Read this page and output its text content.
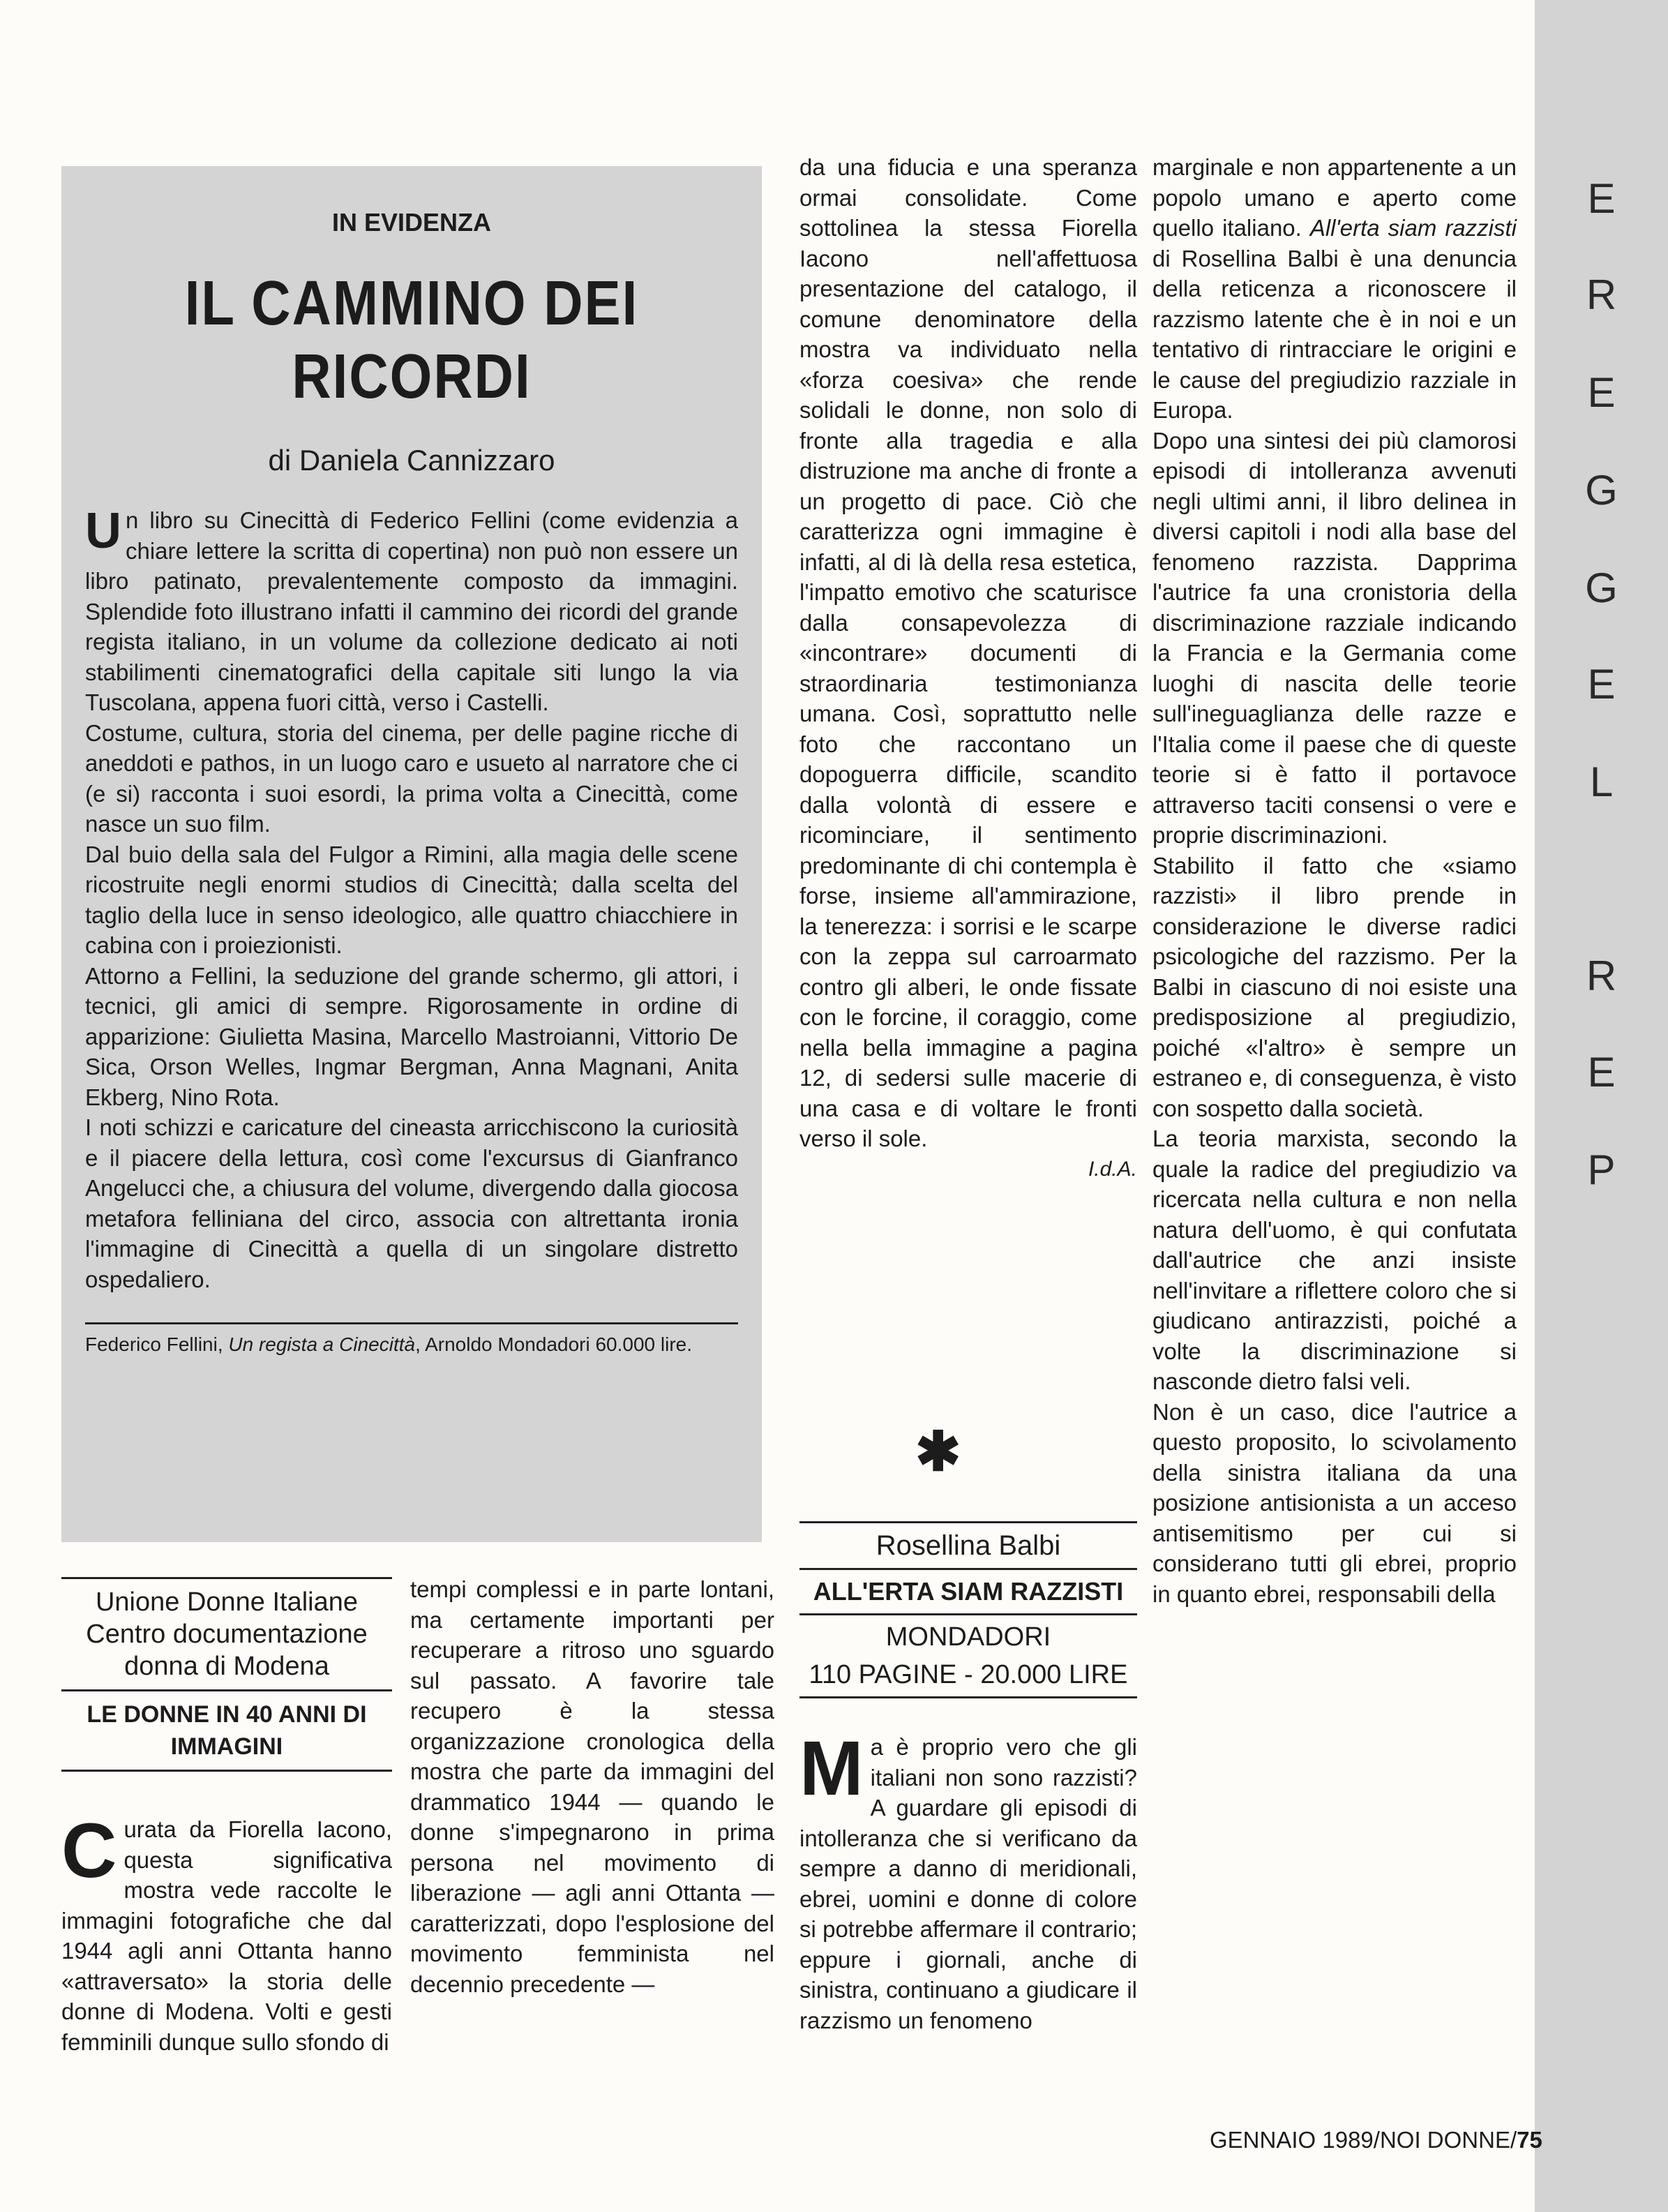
E
R
E
G
G
E
L
R
E
P

IN EVIDENZA

IL CAMMINO DEI RICORDI

di Daniela Cannizzaro

Un libro su Cinecittà di Federico Fellini (come evidenzia a chiare lettere la scritta di copertina) non può non essere un libro patinato, prevalentemente composto da immagini. Splendide foto illustrano infatti il cammino dei ricordi del grande regista italiano, in un volume da collezione dedicato ai noti stabilimenti cinematografici della capitale siti lungo la via Tuscolana, appena fuori città, verso i Castelli.

Costume, cultura, storia del cinema, per delle pagine ricche di aneddoti e pathos, in un luogo caro e usueto al narratore che ci (e si) racconta i suoi esordi, la prima volta a Cinecittà, come nasce un suo film.

Dal buio della sala del Fulgor a Rimini, alla magia delle scene ricostruite negli enormi studios di Cinecittà; dalla scelta del taglio della luce in senso ideologico, alle quattro chiacchiere in cabina con i proiezionisti.

Attorno a Fellini, la seduzione del grande schermo, gli attori, i tecnici, gli amici di sempre. Rigorosamente in ordine di apparizione: Giulietta Masina, Marcello Mastroianni, Vittorio De Sica, Orson Welles, Ingmar Bergman, Anna Magnani, Anita Ekberg, Nino Rota.

I noti schizzi e caricature del cineasta arricchiscono la curiosità e il piacere della lettura, così come l'excursus di Gianfranco Angelucci che, a chiusura del volume, divergendo dalla giocosa metafora felliniana del circo, associa con altrettanta ironia l'immagine di Cinecittà a quella di un singolare distretto ospedaliero.

Federico Fellini, Un regista a Cinecittà, Arnoldo Mondadori 60.000 lire.
Unione Donne Italiane Centro documentazione donna di Modena
LE DONNE IN 40 ANNI DI IMMAGINI

Curata da Fiorella Iacono, questa significativa mostra vede raccolte le immagini fotografiche che dal 1944 agli anni Ottanta hanno «attraversato» la storia delle donne di Modena. Volti e gesti femminili dunque sullo sfondo di

tempi complessi e in parte lontani, ma certamente importanti per recuperare a ritroso uno sguardo sul passato. A favorire tale recupero è la stessa organizzazione cronologica della mostra che parte da immagini del drammatico 1944 — quando le donne s'impegnarono in prima persona nel movimento di liberazione — agli anni Ottanta — caratterizzati, dopo l'esplosione del movimento femminista nel decennio precedente —

da una fiducia e una speranza ormai consolidate. Come sottolinea la stessa Fiorella Iacono nell'affettuosa presentazione del catalogo, il comune denominatore della mostra va individuato nella «forza coesiva» che rende solidali le donne, non solo di fronte alla tragedia e alla distruzione ma anche di fronte a un progetto di pace. Ciò che caratterizza ogni immagine è infatti, al di là della resa estetica, l'impatto emotivo che scaturisce dalla consapevolezza di «incontrare» documenti di straordinaria testimonianza umana. Così, soprattutto nelle foto che raccontano un dopoguerra difficile, scandito dalla volontà di essere e ricominciare, il sentimento predominante di chi contempla è forse, insieme all'ammirazione, la tenerezza: i sorrisi e le scarpe con la zeppa sul carroarmato contro gli alberi, le onde fissate con le forcine, il coraggio, come nella bella immagine a pagina 12, di sedersi sulle macerie di una casa e di voltare le fronti verso il sole.

I.d.A.
✱
Rosellina Balbi
ALL'ERTA SIAM RAZZISTI
MONDADORI
110 PAGINE - 20.000 LIRE

Ma è proprio vero che gli italiani non sono razzisti? A guardare gli episodi di intolleranza che si verificano da sempre a danno di meridionali, ebrei, uomini e donne di colore si potrebbe affermare il contrario; eppure i giornali, anche di sinistra, continuano a giudicare il razzismo un fenomeno

marginale e non appartenente a un popolo umano e aperto come quello italiano. All'erta siam razzisti di Rosellina Balbi è una denuncia della reticenza a riconoscere il razzismo latente che è in noi e un tentativo di rintracciare le origini e le cause del pregiudizio razziale in Europa.

Dopo una sintesi dei più clamorosi episodi di intolleranza avvenuti negli ultimi anni, il libro delinea in diversi capitoli i nodi alla base del fenomeno razzista. Dapprima l'autrice fa una cronistoria della discriminazione razziale indicando la Francia e la Germania come luoghi di nascita delle teorie sull'ineguaglianza delle razze e l'Italia come il paese che di queste teorie si è fatto il portavoce attraverso taciti consensi o vere e proprie discriminazioni.

Stabilito il fatto che «siamo razzisti» il libro prende in considerazione le diverse radici psicologiche del razzismo. Per la Balbi in ciascuno di noi esiste una predisposizione al pregiudizio, poiché «l'altro» è sempre un estraneo e, di conseguenza, è visto con sospetto dalla società.

La teoria marxista, secondo la quale la radice del pregiudizio va ricercata nella cultura e non nella natura dell'uomo, è qui confutata dall'autrice che anzi insiste nell'invitare a riflettere coloro che si giudicano antirazzisti, poiché a volte la discriminazione si nasconde dietro falsi veli.

Non è un caso, dice l'autrice a questo proposito, lo scivolamento della sinistra italiana da una posizione antisionista a un acceso antisemitismo per cui si considerano tutti gli ebrei, proprio in quanto ebrei, responsabili della

GENNAIO 1989/NOI DONNE/75
